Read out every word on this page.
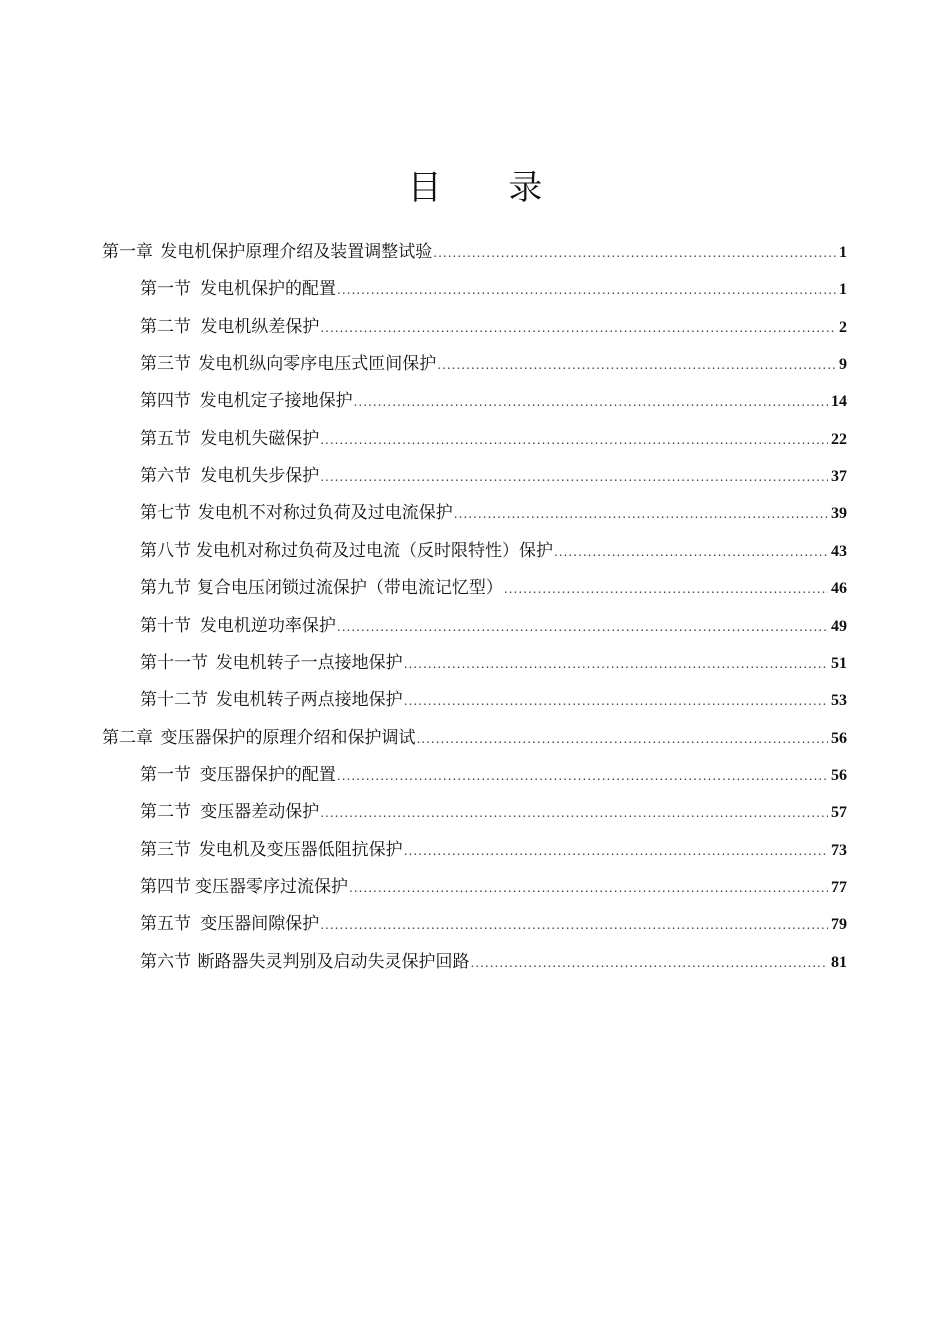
目 录
第一章 发电机保护原理介绍及装置调整试验 .....	1
第一节 发电机保护的配置 .....	1
第二节 发电机纵差保护 .....	2
第三节 发电机纵向零序电压式匝间保护 .....	9
第四节 发电机定子接地保护 .....	14
第五节 发电机失磁保护 .....	22
第六节 发电机失步保护 .....	37
第七节 发电机不对称过负荷及过电流保护 .....	39
第八节 发电机对称过负荷及过电流（反时限特性）保护 .....	43
第九节 复合电压闭锁过流保护（带电流记忆型） .....	46
第十节 发电机逆功率保护 .....	49
第十一节 发电机转子一点接地保护 .....	51
第十二节 发电机转子两点接地保护 .....	53
第二章 变压器保护的原理介绍和保护调试 .....	56
第一节 变压器保护的配置 .....	56
第二节 变压器差动保护 .....	57
第三节 发电机及变压器低阻抗保护 .....	73
第四节 变压器零序过流保护 .....	77
第五节 变压器间隙保护 .....	79
第六节 断路器失灵判别及启动失灵保护回路 .....	81
